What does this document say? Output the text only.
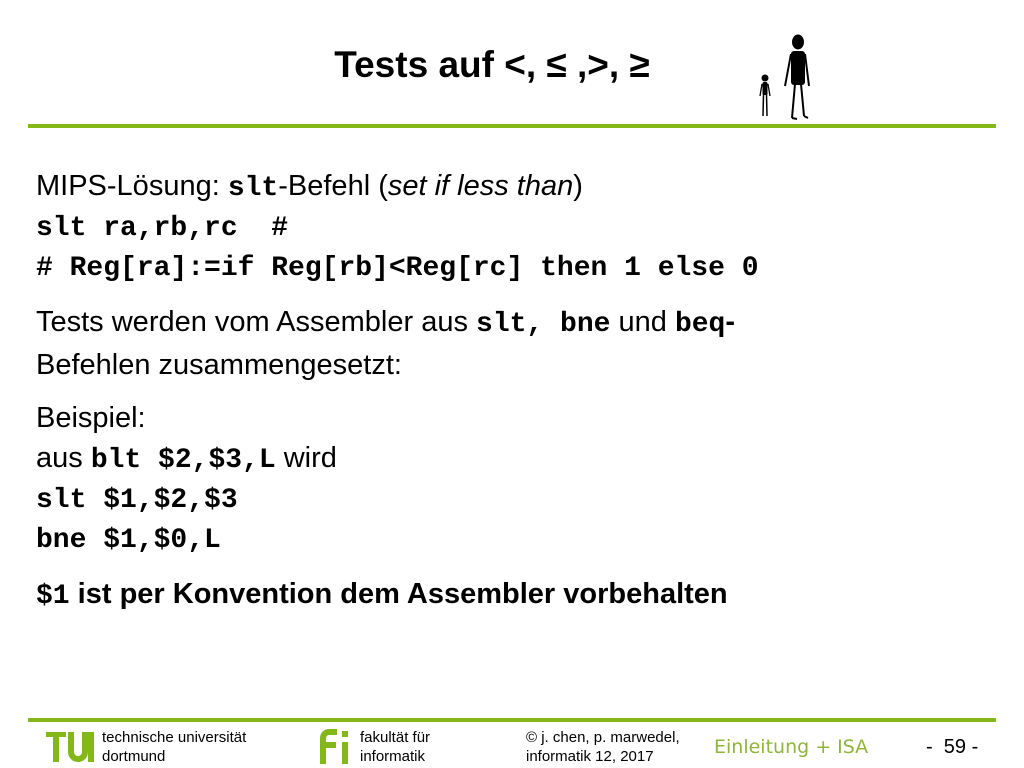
Tests auf <, ≤ ,>, ≥
MIPS-Lösung: slt-Befehl (set if less than)
slt ra,rb,rc  #
# Reg[ra]:=if Reg[rb]<Reg[rc] then 1 else 0
Tests werden vom Assembler aus slt, bne und beq-
Befehlen zusammengesetzt:
Beispiel:
aus blt $2,$3,L wird
slt $1,$2,$3
bne $1,$0,L
$1 ist per Konvention dem Assembler vorbehalten
technische universität
dortmund
fakultät für
informatik
© j. chen, p. marwedel,
informatik 12, 2017	Einleitung + ISA	-  59 -
